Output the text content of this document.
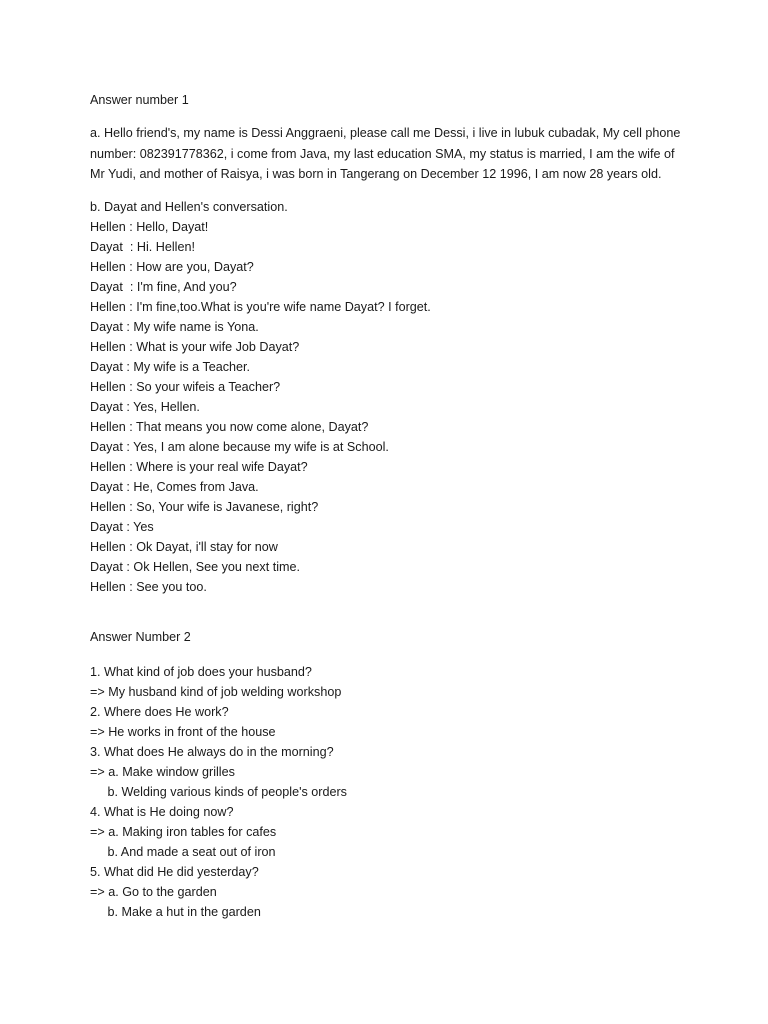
Answer number 1
a. Hello friend's, my name is Dessi Anggraeni, please call me Dessi, i live in lubuk cubadak, My cell phone number: 082391778362, i come from Java, my last education SMA, my status is married, I am the wife of Mr Yudi, and mother of Raisya, i was born in Tangerang on December 12 1996, I am now 28 years old.
b. Dayat and Hellen's conversation.
Hellen : Hello, Dayat!
Dayat  : Hi. Hellen!
Hellen : How are you, Dayat?
Dayat  : I'm fine, And you?
Hellen : I'm fine,too.What is you're wife name Dayat? I forget.
Dayat : My wife name is Yona.
Hellen : What is your wife Job Dayat?
Dayat : My wife is a Teacher.
Hellen : So your wifeis a Teacher?
Dayat : Yes, Hellen.
Hellen : That means you now come alone, Dayat?
Dayat : Yes, I am alone because my wife is at School.
Hellen : Where is your real wife Dayat?
Dayat : He, Comes from Java.
Hellen : So, Your wife is Javanese, right?
Dayat : Yes
Hellen : Ok Dayat, i'll stay for now
Dayat : Ok Hellen, See you next time.
Hellen : See you too.
Answer Number 2
1. What kind of job does your husband?
=> My husband kind of job welding workshop
2. Where does He work?
=> He works in front of the house
3. What does He always do in the morning?
=> a. Make window grilles
b. Welding various kinds of people's orders
4. What is He doing now?
=> a. Making iron tables for cafes
b. And made a seat out of iron
5. What did He did yesterday?
=> a. Go to the garden
b. Make a hut in the garden
